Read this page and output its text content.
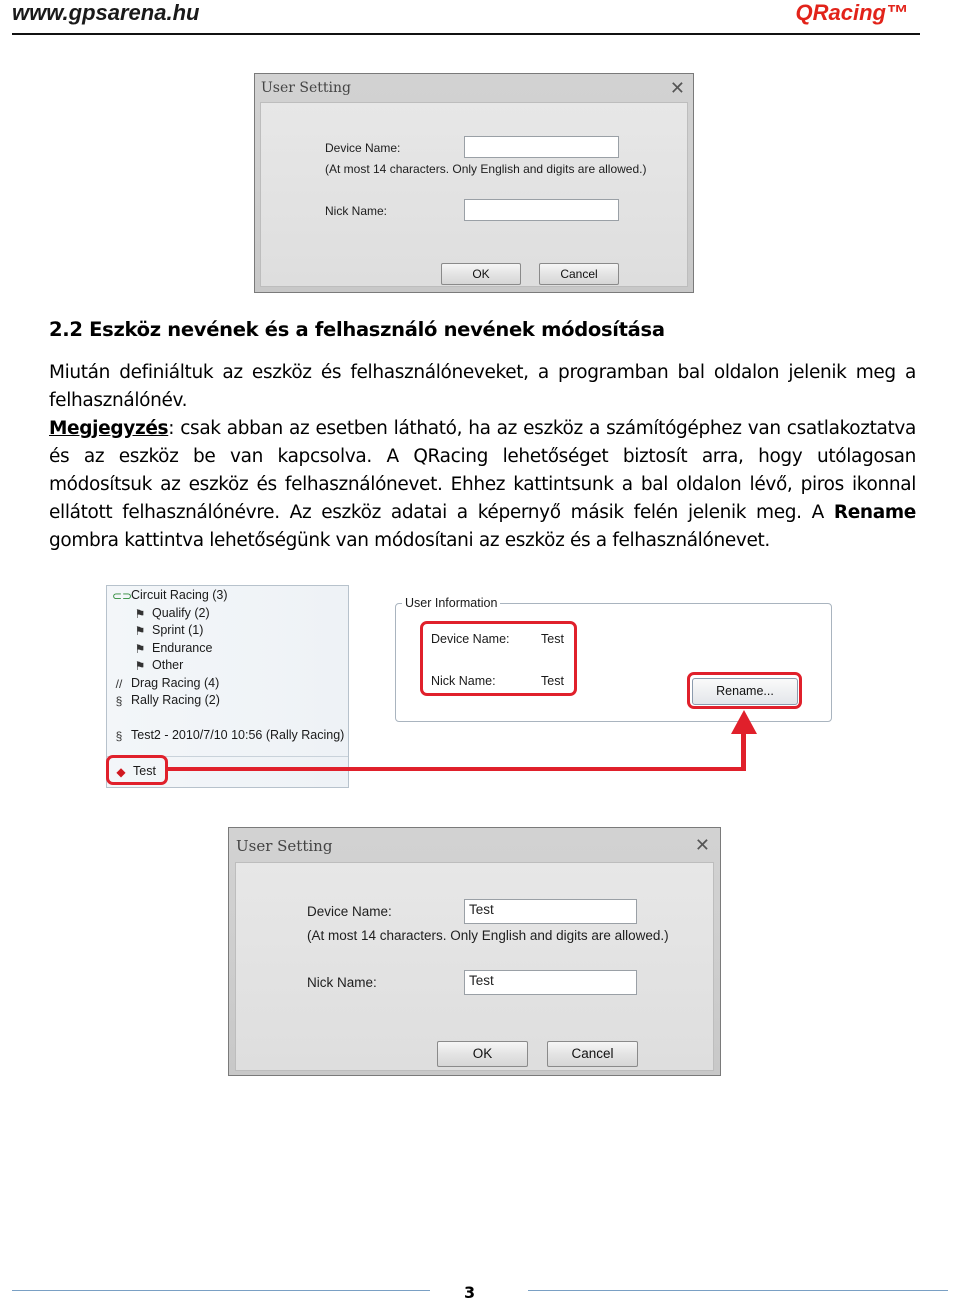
www.gpsarena.hu	QRacing™
User Setting	✕
Device Name:
(At most 14 characters. Only English and digits are allowed.)
Nick Name:
OK	Cancel
2.2 Eszköz nevének és a felhasználó nevének módosítása
Miután definiáltuk az eszköz és felhasználóneveket, a programban bal oldalon jelenik meg a felhasználónév.
Megjegyzés: csak abban az esetben látható, ha az eszköz a számítógéphez van csatlakoztatva és az eszköz be van kapcsolva. A QRacing lehetőséget biztosít arra, hogy utólagosan módosítsuk az eszköz és felhasználónevet. Ehhez kattintsunk a bal oldalon lévő, piros ikonnal ellátott felhasználónévre. Az eszköz adatai a képernyő másik felén jelenik meg. A Rename gombra kattintva lehetőségünk van módosítani az eszköz és a felhasználónevet.
⊂⊃Circuit Racing (3)
⚑ Qualify (2)
⚑ Sprint (1)
⚑ Endurance
⚑ Other
// Drag Racing (4)
§ Rally Racing (2)
§ Test2 - 2010/7/10 10:56 (Rally Racing)
◆ Test
User Information
Device Name:	Test
Nick Name:	Test
Rename...
User Setting	✕
Device Name:	Test
(At most 14 characters. Only English and digits are allowed.)
Nick Name:	Test
OK	Cancel
3
